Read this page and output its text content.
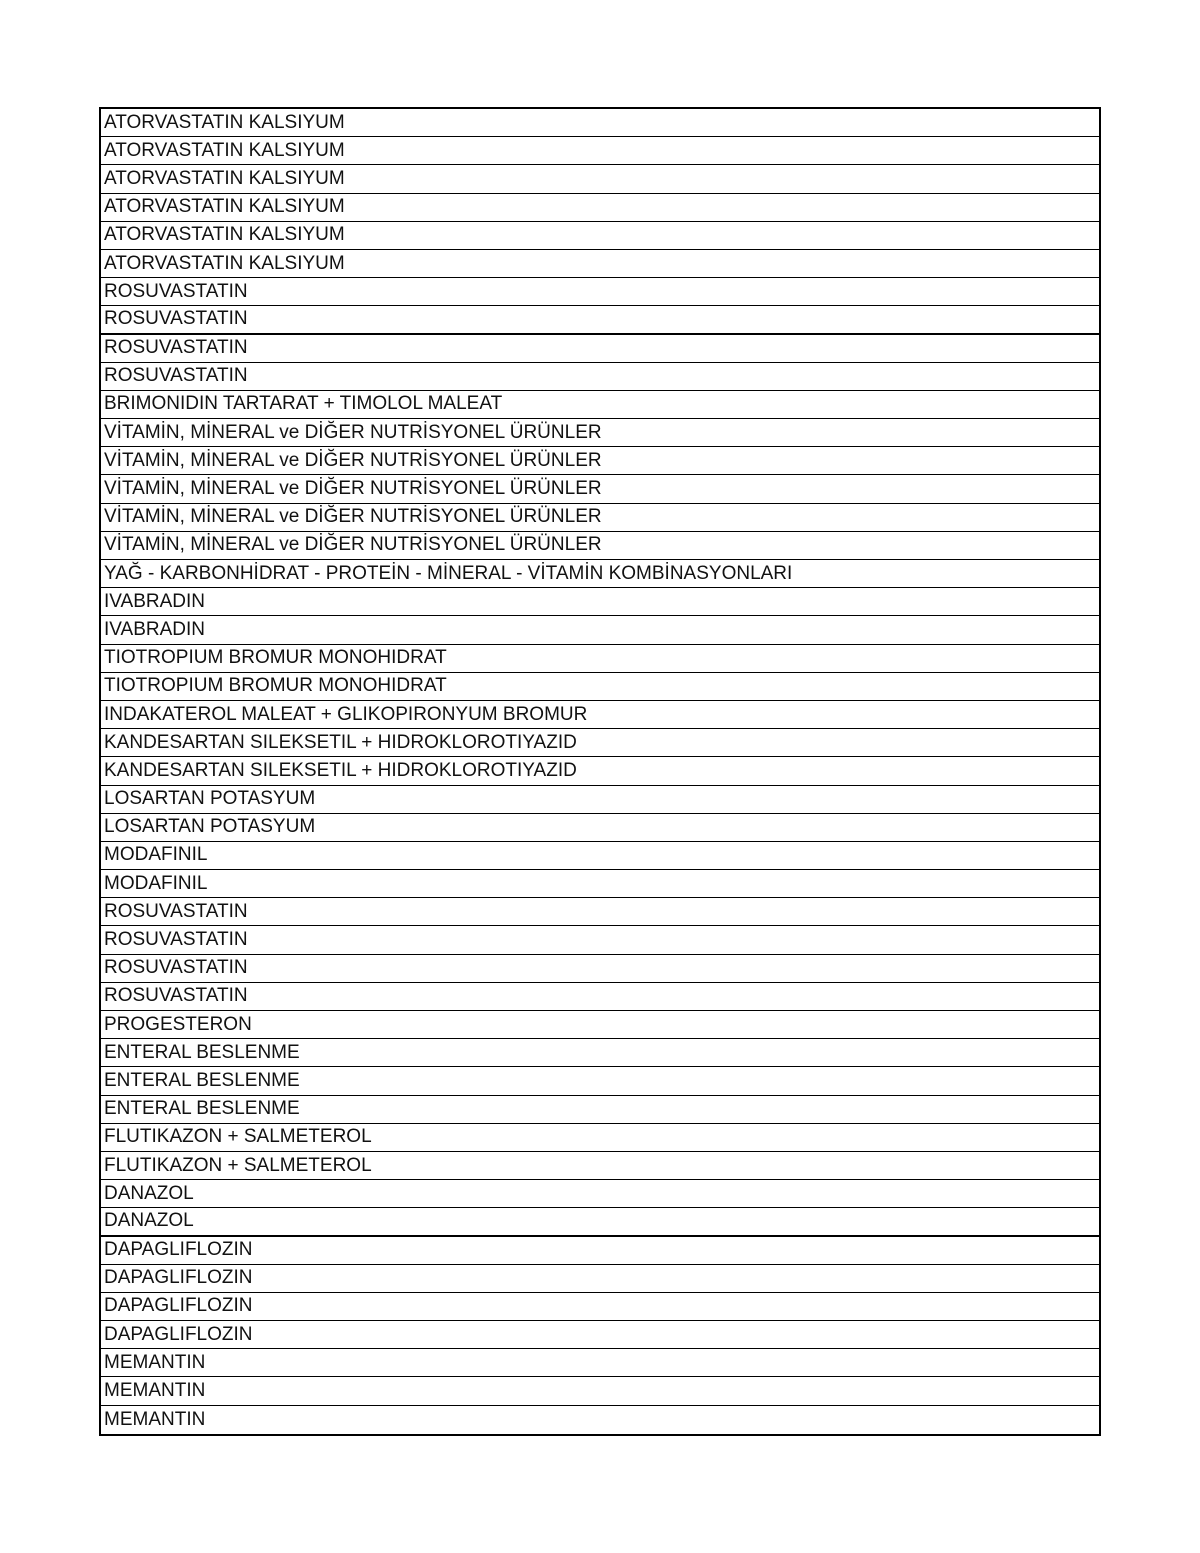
ATORVASTATIN KALSIYUM
ATORVASTATIN KALSIYUM
ATORVASTATIN KALSIYUM
ATORVASTATIN KALSIYUM
ATORVASTATIN KALSIYUM
ATORVASTATIN KALSIYUM
ROSUVASTATIN
ROSUVASTATIN
ROSUVASTATIN
ROSUVASTATIN
BRIMONIDIN TARTARAT + TIMOLOL MALEAT
VİTAMİN, MİNERAL ve DİĞER NUTRİSYONEL ÜRÜNLER
VİTAMİN, MİNERAL ve DİĞER NUTRİSYONEL ÜRÜNLER
VİTAMİN, MİNERAL ve DİĞER NUTRİSYONEL ÜRÜNLER
VİTAMİN, MİNERAL ve DİĞER NUTRİSYONEL ÜRÜNLER
VİTAMİN, MİNERAL ve DİĞER NUTRİSYONEL ÜRÜNLER
YAĞ - KARBONHİDRAT - PROTEİN - MİNERAL - VİTAMİN KOMBİNASYONLARI
IVABRADIN
IVABRADIN
TIOTROPIUM BROMUR MONOHIDRAT
TIOTROPIUM BROMUR MONOHIDRAT
INDAKATEROL MALEAT + GLIKOPIRONYUM BROMUR
KANDESARTAN SILEKSETIL + HIDROKLOROTIYAZID
KANDESARTAN SILEKSETIL + HIDROKLOROTIYAZID
LOSARTAN POTASYUM
LOSARTAN POTASYUM
MODAFINIL
MODAFINIL
ROSUVASTATIN
ROSUVASTATIN
ROSUVASTATIN
ROSUVASTATIN
PROGESTERON
ENTERAL BESLENME
ENTERAL BESLENME
ENTERAL BESLENME
FLUTIKAZON + SALMETEROL
FLUTIKAZON + SALMETEROL
DANAZOL
DANAZOL
DAPAGLIFLOZIN
DAPAGLIFLOZIN
DAPAGLIFLOZIN
DAPAGLIFLOZIN
MEMANTIN
MEMANTIN
MEMANTIN
